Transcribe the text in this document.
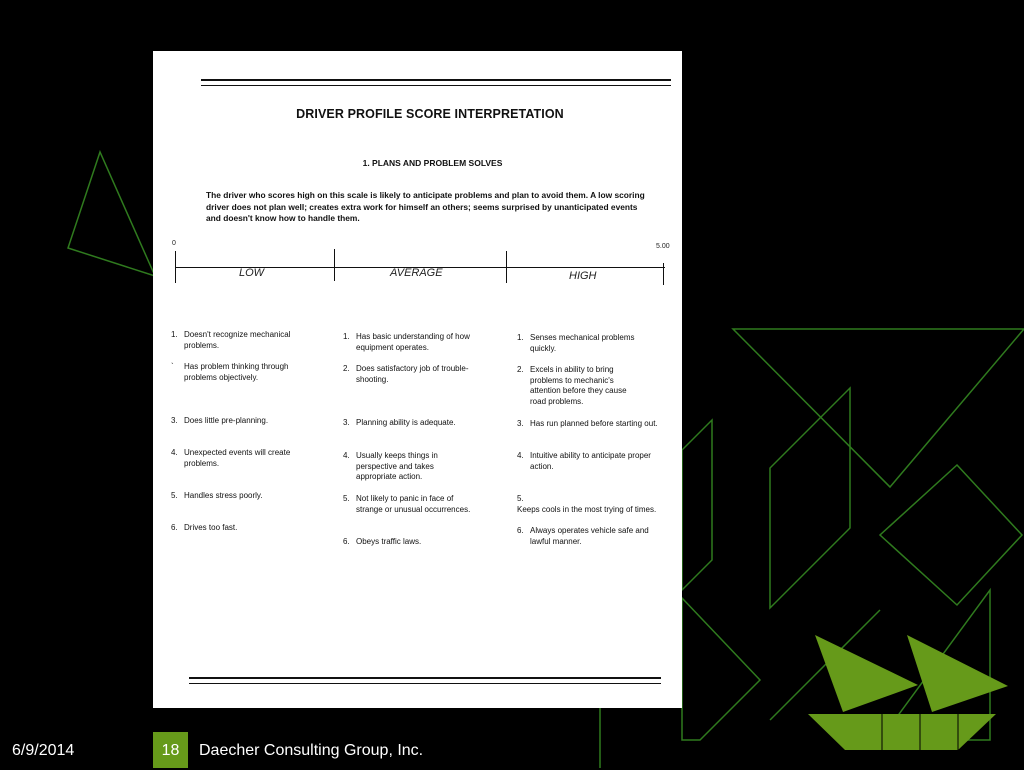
DRIVER PROFILE SCORE INTERPRETATION
1. PLANS AND PROBLEM SOLVES
The driver who scores high on this scale is likely to anticipate problems and plan to avoid them. A low scoring driver does not plan well; creates extra work for himself an others; seems surprised by unanticipated events and doesn't know how to handle them.
0	5.00
LOW	AVERAGE	HIGH
1. Doesn't recognize mechanical problems.
` Has problem thinking through problems objectively.
3. Does little pre-planning.
4. Unexpected events will create problems.
5. Handles stress poorly.
6. Drives too fast.
1. Has basic understanding of how equipment operates.
2. Does satisfactory job of trouble-shooting.
3. Planning ability is adequate.
4. Usually keeps things in perspective and takes appropriate action.
5. Not likely to panic in face of strange or unusual occurrences.
6. Obeys traffic laws.
1. Senses mechanical problems quickly.
2. Excels in ability to bring problems to mechanic's attention before they cause road problems.
3. Has run planned before starting out.
4. Intuitive ability to anticipate proper action.
5.Keeps cools in the most trying of times.
6. Always operates vehicle safe and lawful manner.
6/9/2014	18	Daecher Consulting Group, Inc.
